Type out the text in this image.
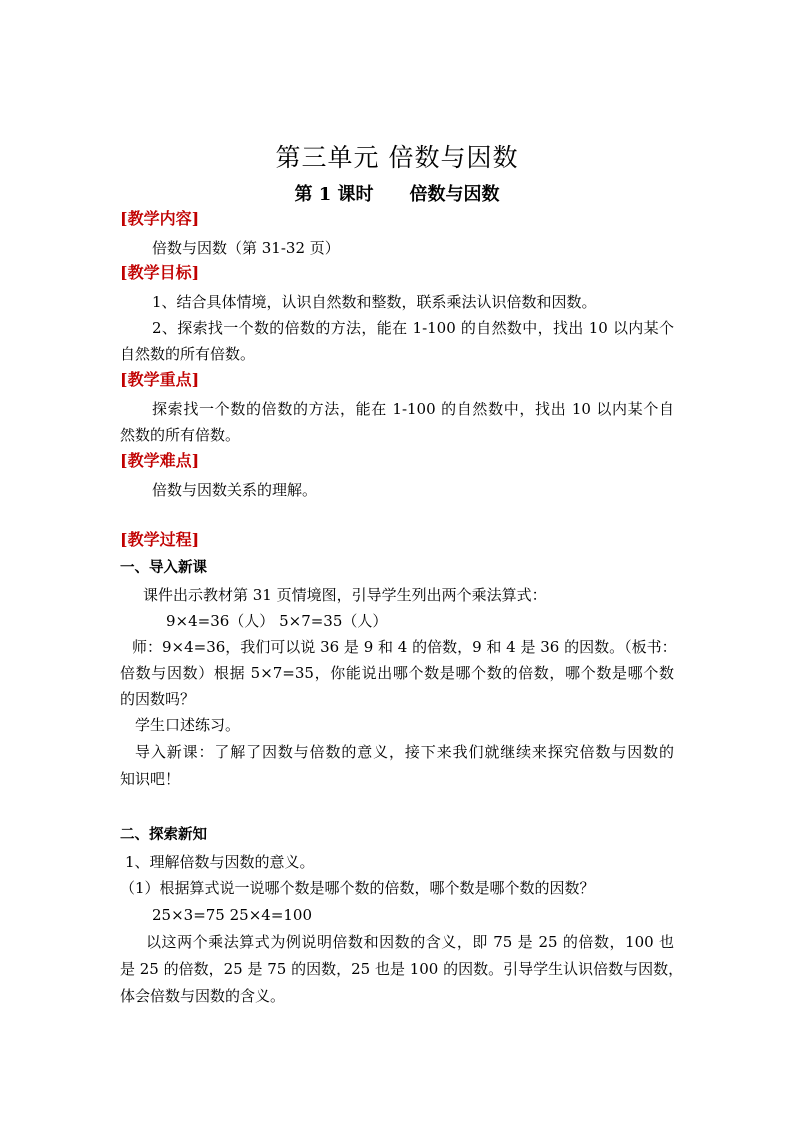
第三单元 倍数与因数
第 1 课时 倍数与因数
[教学内容]
倍数与因数（第 31-32 页）
[教学目标]
1、结合具体情境，认识自然数和整数，联系乘法认识倍数和因数。
2、探索找一个数的倍数的方法，能在 1-100 的自然数中，找出 10 以内某个
自然数的所有倍数。
[教学重点]
探索找一个数的倍数的方法，能在 1-100 的自然数中，找出 10 以内某个自
然数的所有倍数。
[教学难点]
倍数与因数关系的理解。
[教学过程]
一、导入新课
课件出示教材第 31 页情境图，引导学生列出两个乘法算式：
9×4=36（人） 5×7=35（人）
师：9×4=36，我们可以说 36 是 9 和 4 的倍数，9 和 4 是 36 的因数。（板书：
倍数与因数）根据 5×7=35，你能说出哪个数是哪个数的倍数，哪个数是哪个数
的因数吗？
学生口述练习。
导入新课：了解了因数与倍数的意义，接下来我们就继续来探究倍数与因数的
知识吧！
二、探索新知
1、理解倍数与因数的意义。
（1）根据算式说一说哪个数是哪个数的倍数，哪个数是哪个数的因数？
25×3=75 25×4=100
以这两个乘法算式为例说明倍数和因数的含义，即 75 是 25 的倍数，100 也
是 25 的倍数，25 是 75 的因数，25 也是 100 的因数。引导学生认识倍数与因数，
体会倍数与因数的含义。
